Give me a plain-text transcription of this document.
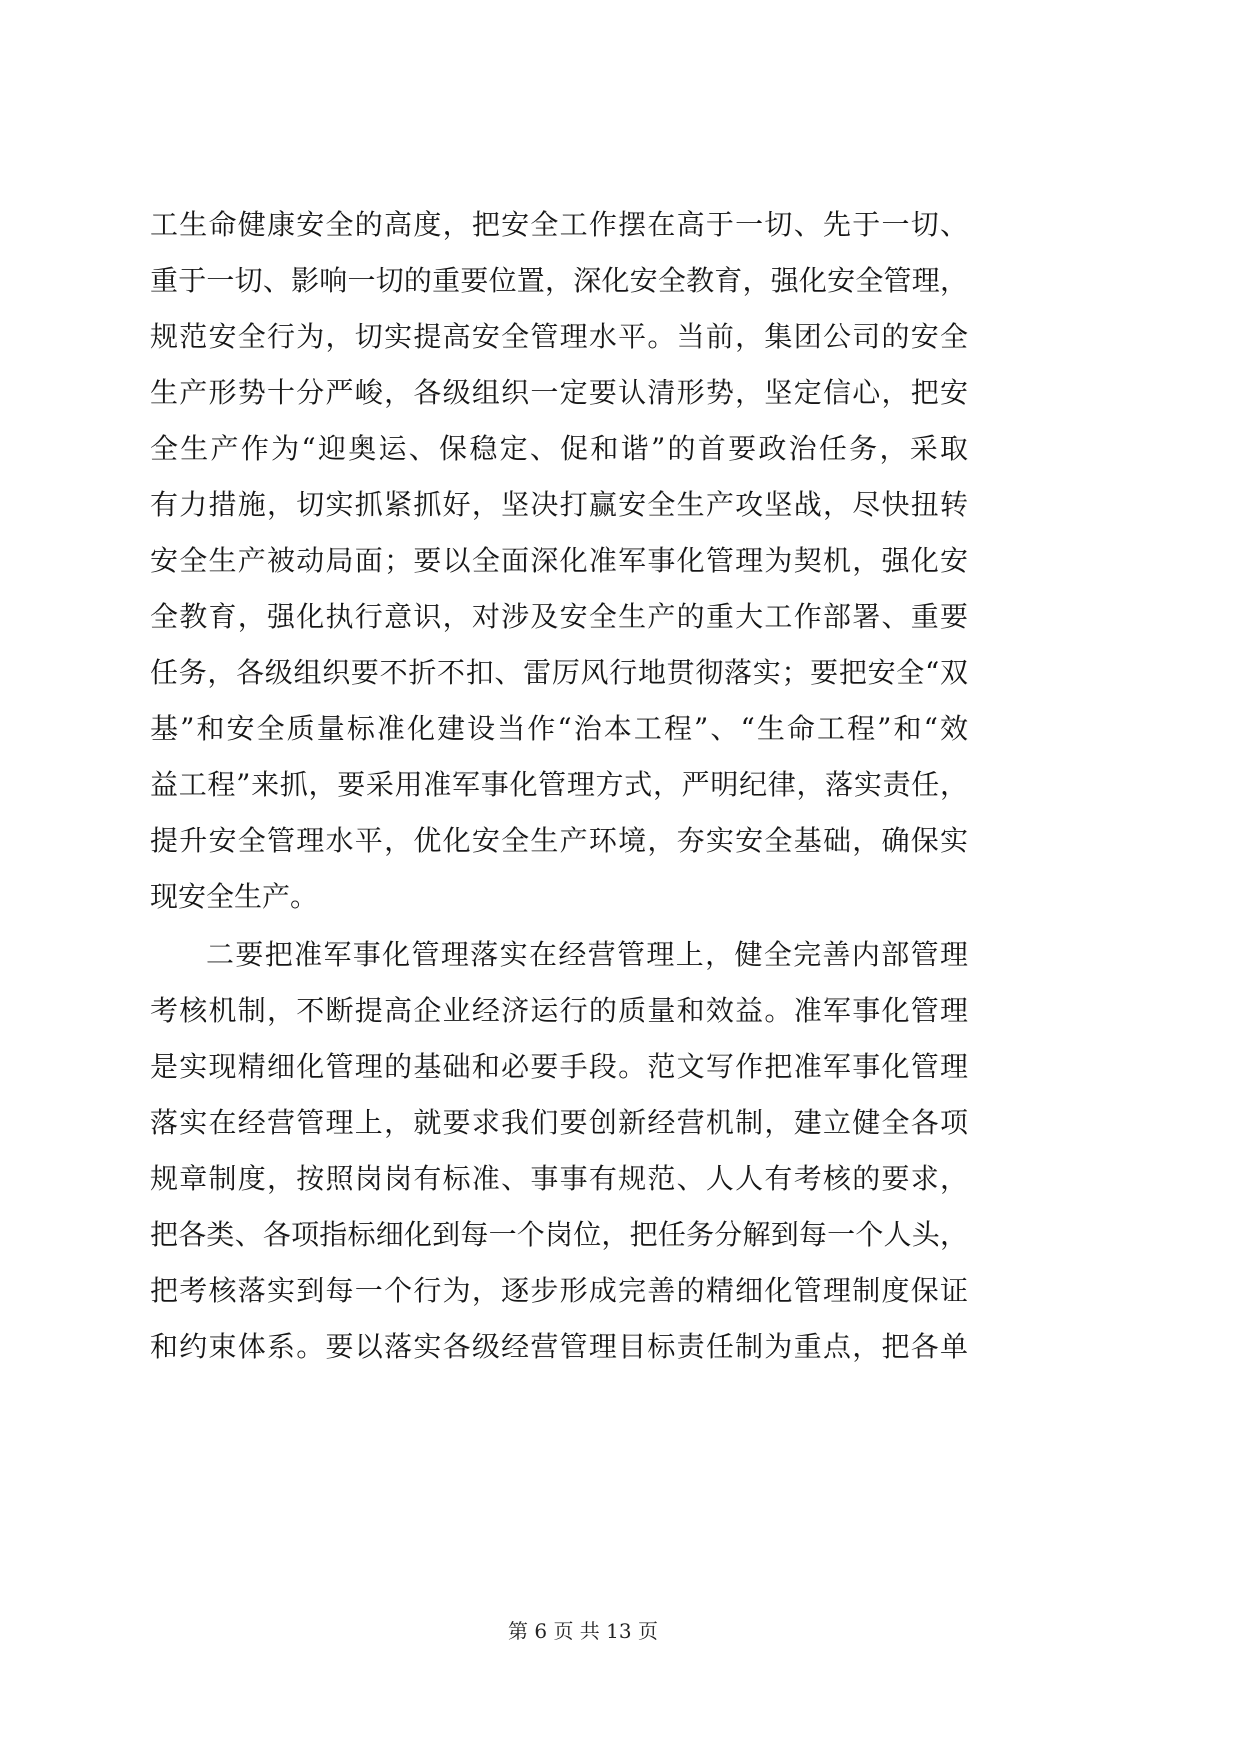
工生命健康安全的高度，把安全工作摆在高于一切、先于一切、
重于一切、影响一切的重要位置，深化安全教育，强化安全管理，
规范安全行为，切实提高安全管理水平。当前，集团公司的安全
生产形势十分严峻，各级组织一定要认清形势，坚定信心，把安
全生产作为“迎奥运、保稳定、促和谐”的首要政治任务，采取
有力措施，切实抓紧抓好，坚决打赢安全生产攻坚战，尽快扭转
安全生产被动局面；要以全面深化准军事化管理为契机，强化安
全教育，强化执行意识，对涉及安全生产的重大工作部署、重要
任务，各级组织要不折不扣、雷厉风行地贯彻落实；要把安全“双
基”和安全质量标准化建设当作“治本工程”、“生命工程”和“效
益工程”来抓，要采用准军事化管理方式，严明纪律，落实责任，
提升安全管理水平，优化安全生产环境，夯实安全基础，确保实
现安全生产。
二要把准军事化管理落实在经营管理上，健全完善内部管理
考核机制，不断提高企业经济运行的质量和效益。准军事化管理
是实现精细化管理的基础和必要手段。范文写作把准军事化管理
落实在经营管理上，就要求我们要创新经营机制，建立健全各项
规章制度，按照岗岗有标准、事事有规范、人人有考核的要求，
把各类、各项指标细化到每一个岗位，把任务分解到每一个人头，
把考核落实到每一个行为，逐步形成完善的精细化管理制度保证
和约束体系。要以落实各级经营管理目标责任制为重点，把各单
第 6 页 共 13 页
